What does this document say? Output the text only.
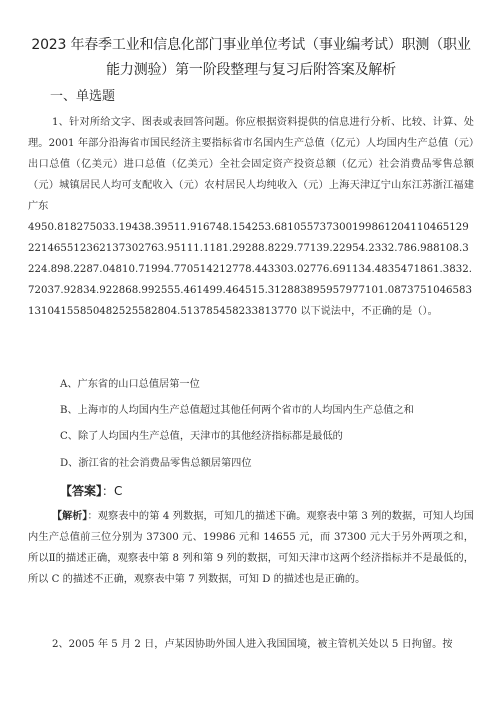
2023 年春季工业和信息化部门事业单位考试（事业编考试）职测（职业能力测验）第一阶段整理与复习后附答案及解析
一、单选题
1、针对所给文字、图表或表回答问题。你应根据资料提供的信息进行分析、比较、计算、处理。2001 年部分沿海省市国民经济主要指标省市名国内生产总值（亿元）人均国内生产总值（元）出口总值（亿美元）进口总值（亿美元）全社会固定资产投资总额（亿元）社会消费品零售总额（元）城镇居民人均可支配收入（元）农村居民人均纯收入（元）上海天津辽宁山东江苏浙江福建广东
4950.818275033.19438.39511.916748.154253.681055737300199861204110465129221465512362137302763.95111.1181.29288.8229.77139.22954.2332.786.988108.3224.898.2287.04810.71994.770514212778.443303.02776.691134.4835471861.3832.72037.92834.922868.992555.461499.464515.312883895957977101.087375104658313104155850482525582804.513785458233813770 以下说法中，不正确的是（）。
A、广东省的山口总值居第一位
B、上海市的人均国内生产总值超过其他任何两个省市的人均国内生产总值之和
C、除了人均国内生产总值，天津市的其他经济指标都是最低的
D、浙江省的社会消费品零售总额居第四位
【答案】：C
【解析】：观察表中的第 4 列数据，可知几的描述下确。观察表中第 3 列的数据，可知人均国内生产总值前三位分别为 37300 元、19986 元和 14655 元，而 37300 元大于另外两项之和，所以Ⅱ的描述正确，观察表中第 8 列和第 9 列的数据，可知天津市这两个经济指标并不是最低的，所以 C 的描述不正确，观察表中第 7 列数据，可知 D 的描述也是正确的。
2、2005 年 5 月 2 日，卢某因协助外国人进入我国国境，被主管机关处以 5 日拘留。按
